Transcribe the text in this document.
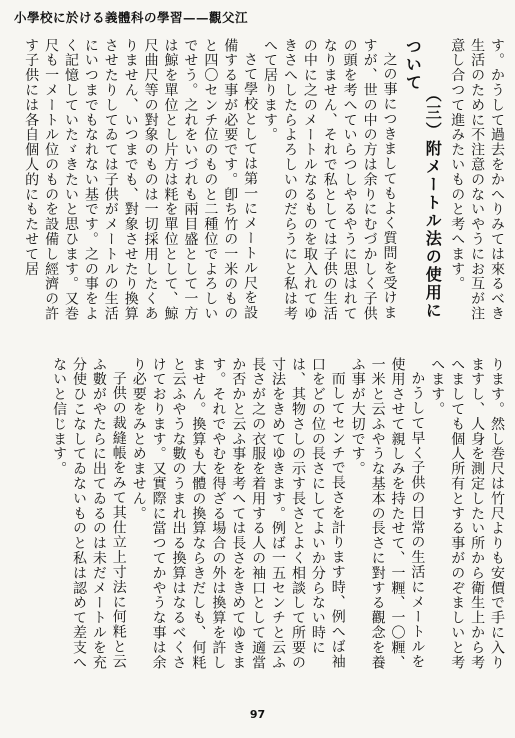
小學校に於ける義體科の學習——觀父江

す。かうして過去をかへりみては來るべき生活のために不注意のないやうにお互が注意し合つて進みたいものと考へます。

（三）附メートル法の使用について

之の事につきましてもよく質問を受けますが、世の中の方は余りにむづかしく子供の頭を考へていらつしやるやうに思はれてなりません、それで私としては子供の生活の中に之のメートルなるものを取入れてゆきさへしたらよろしいのだらうにと私は考へて居ります。

さて學校としては第一にメートル尺を設備する事が必要です。卽ち竹の一米のものと四〇センチ位のものと二種位でよろしいでせう。之れをいづれも兩目盛として一方は鯨を單位とし片方は粍を單位として、鯨尺曲尺等の對象のものは一切採用したくありません、いつまでも、對象させたり換算させたりしてゐては子供がメートルの生活にいつまでもなれない基です。之の事をよく記憶していたゞきたいと思ひます。又巻尺も一メートル位のものを設備し經濟の許す子供には各自個人的にもたせて居

ります。然し巻尺は竹尺よりも安價で手に入りますし、人身を測定したい所から衛生上から考へましても個人所有とする事がのぞましいと考へます。

かうして早く子供の日常の生活にメートルを使用させて親しみを持たせて、一糎、一〇糎、一米と云ふやうな基本の長さに對する觀念を養ふ事が大切です。

而してセンチで長さを計ります時、例へば袖口をどの位の長さにしてよいか分らない時には、其物さしの示す長さとよく相談して所要の寸法をきめてゆきます。例ば一五センチと云ふ長さが之の衣服を着用する人の袖口として適當か否かと云ふ事を考へては長さをきめてゆきます。それでやむを得ざる場合の外は換算を許しません。換算も大體の換算ならきだしも、何粍と云ふやうな數のうまれ出る換算はなるべくさけております。又實際に當つてかやうな事は余り必要をみとめません。

子供の裁縫帳をみて其仕立上寸法に何粍と云ふ數がやたらに出てゐるのは未だメートルを充分使ひこなしてゐないものと私は認めて差支へないと信じます。

97
